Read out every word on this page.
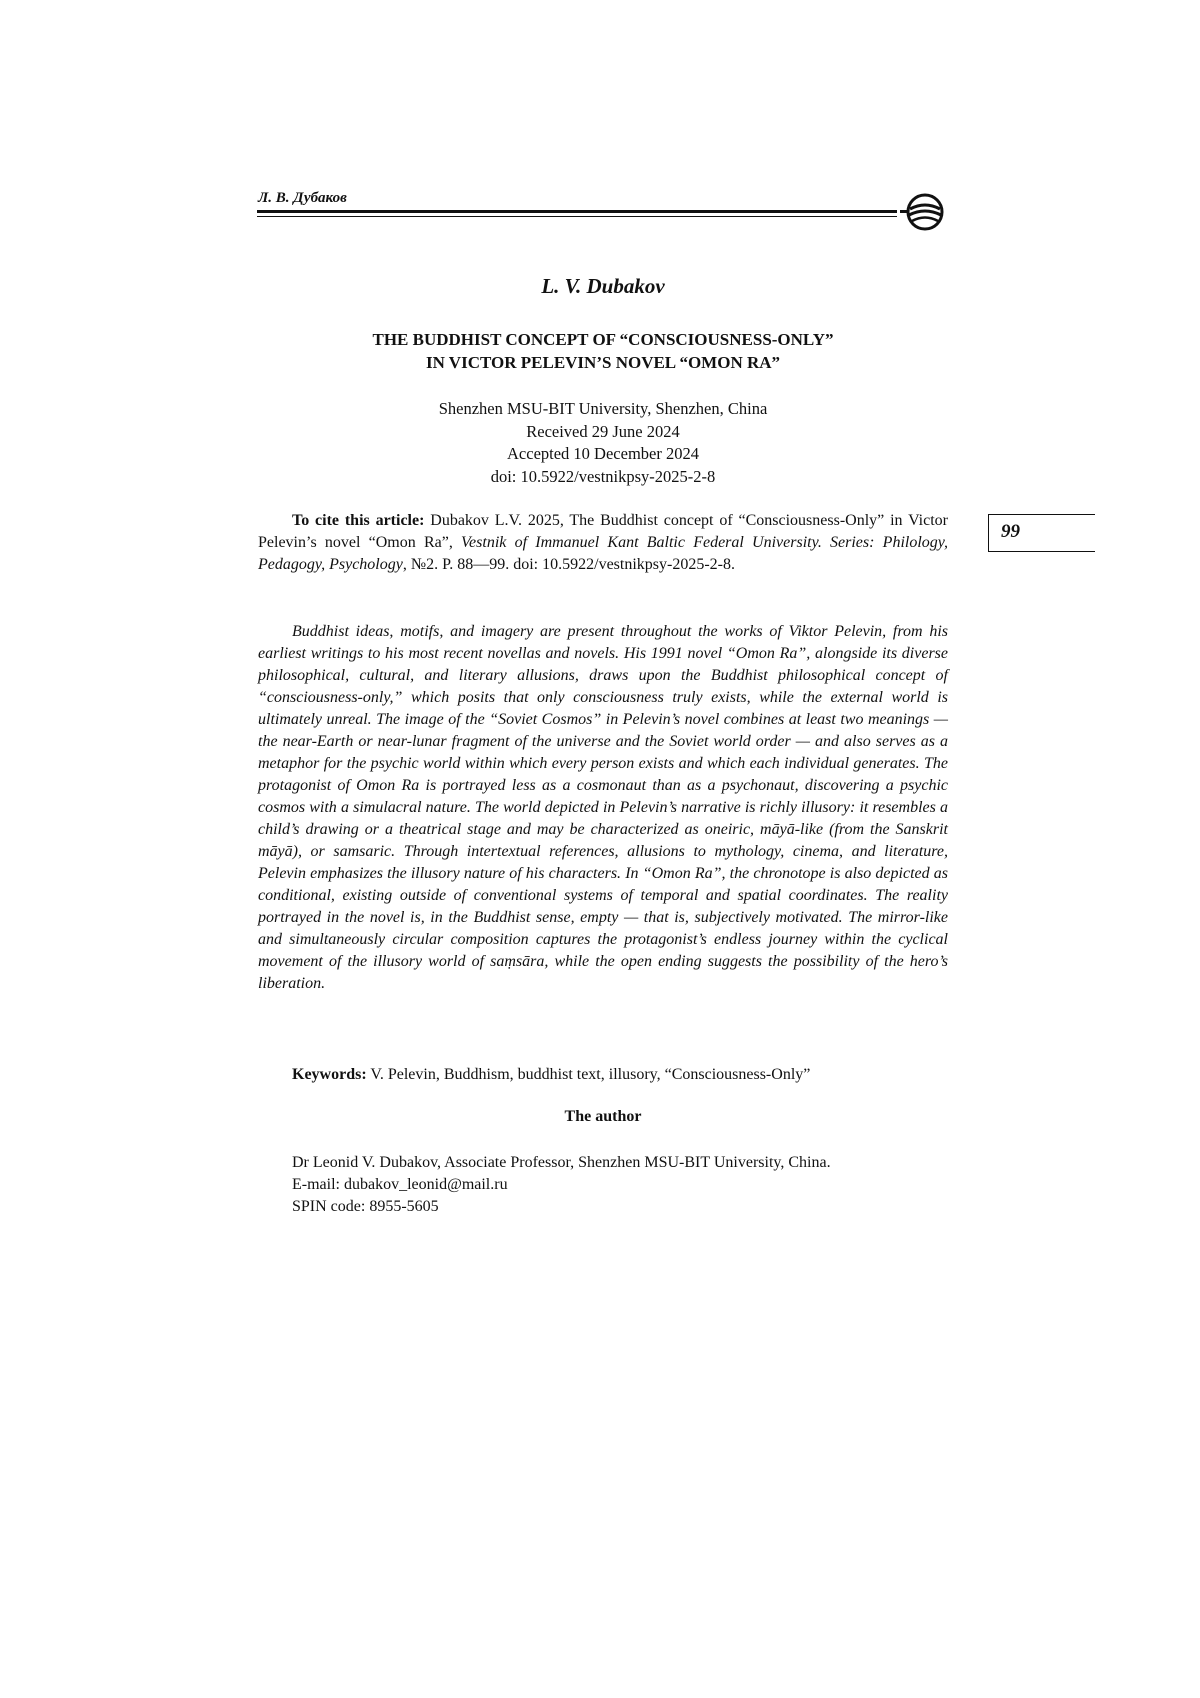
Л. В. Дубаков
99
L. V. Dubakov
THE BUDDHIST CONCEPT OF “CONSCIOUSNESS-ONLY”
IN VICTOR PELEVIN’S NOVEL “OMON RA”
Shenzhen MSU-BIT University, Shenzhen, China
Received 29 June 2024
Accepted 10 December 2024
doi: 10.5922/vestnikpsy-2025-2-8
To cite this article: Dubakov L.V. 2025, The Buddhist concept of “Consciousness-Only” in Victor Pelevin’s novel “Omon Ra”, Vestnik of Immanuel Kant Baltic Federal University. Series: Philology, Pedagogy, Psychology, №2. P. 88—99. doi: 10.5922/vestnikpsy-2025-2-8.
Buddhist ideas, motifs, and imagery are present throughout the works of Viktor Pelevin, from his earliest writings to his most recent novellas and novels. His 1991 novel “Omon Ra”, alongside its diverse philosophical, cultural, and literary allusions, draws upon the Buddhist philosophical concept of “consciousness-only,” which posits that only consciousness truly exists, while the external world is ultimately unreal. The image of the “Soviet Cosmos” in Pelevin’s novel combines at least two meanings — the near-Earth or near-lunar fragment of the universe and the Soviet world order — and also serves as a metaphor for the psychic world within which every person exists and which each individual generates. The protagonist of Omon Ra is portrayed less as a cosmonaut than as a psychonaut, discovering a psychic cosmos with a simulacral nature. The world depicted in Pelevin’s narrative is richly illusory: it resembles a child’s drawing or a theatrical stage and may be characterized as oneiric, māyā-like (from the Sanskrit māyā), or samsaric. Through intertextual references, allusions to mythology, cinema, and literature, Pelevin emphasizes the illusory nature of his characters. In “Omon Ra”, the chronotope is also depicted as conditional, existing outside of conventional systems of temporal and spatial coordinates. The reality portrayed in the novel is, in the Buddhist sense, empty — that is, subjectively motivated. The mirror-like and simultaneously circular composition captures the protagonist’s endless journey within the cyclical movement of the illusory world of saṃsāra, while the open ending suggests the possibility of the hero’s liberation.
Keywords: V. Pelevin, Buddhism, buddhist text, illusory, “Consciousness-Only”
The author
Dr Leonid V. Dubakov, Associate Professor, Shenzhen MSU-BIT University, China.
E-mail: dubakov_leonid@mail.ru
SPIN code: 8955-5605
